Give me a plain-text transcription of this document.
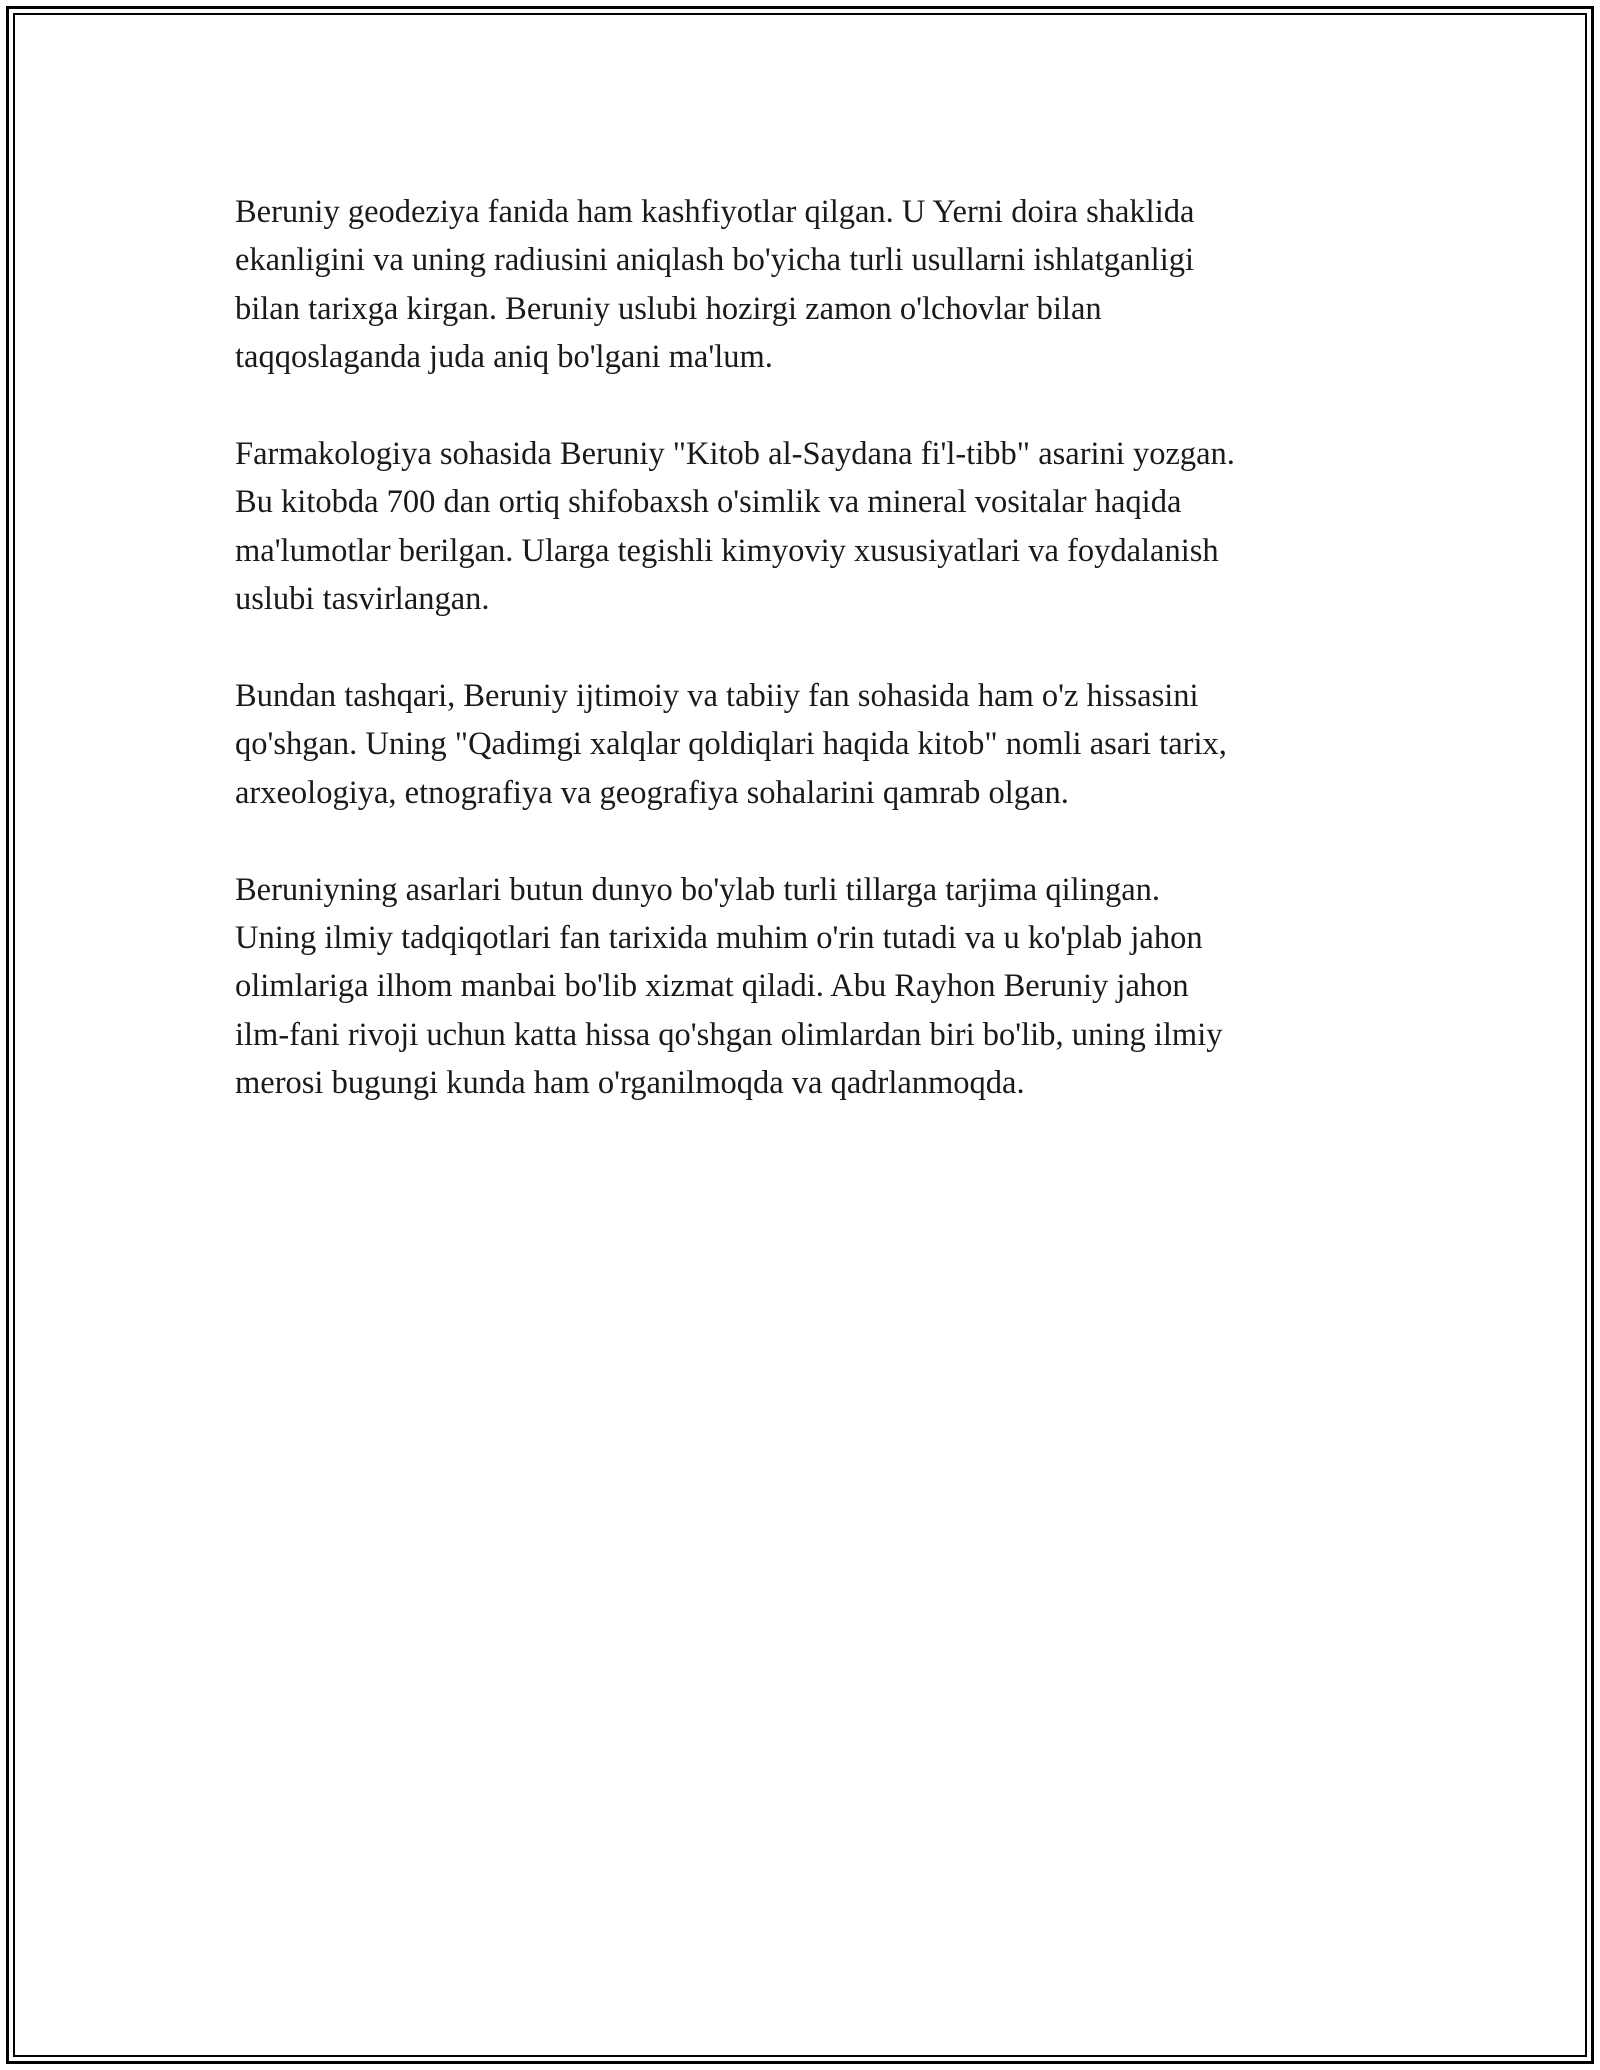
Beruniy geodeziya fanida ham kashfiyotlar qilgan. U Yerni doira shaklida
ekanligini va uning radiusini aniqlash bo'yicha turli usullarni ishlatganligi
bilan tarixga kirgan. Beruniy uslubi hozirgi zamon o'lchovlar bilan
taqqoslaganda juda aniq bo'lgani ma'lum.

Farmakologiya sohasida Beruniy "Kitob al-Saydana fi'l-tibb" asarini yozgan.
Bu kitobda 700 dan ortiq shifobaxsh o'simlik va mineral vositalar haqida
ma'lumotlar berilgan. Ularga tegishli kimyoviy xususiyatlari va foydalanish
uslubi tasvirlangan.

Bundan tashqari, Beruniy ijtimoiy va tabiiy fan sohasida ham o'z hissasini
qo'shgan. Uning "Qadimgi xalqlar qoldiqlari haqida kitob" nomli asari tarix,
arxeologiya, etnografiya va geografiya sohalarini qamrab olgan.

Beruniyning asarlari butun dunyo bo'ylab turli tillarga tarjima qilingan.
Uning ilmiy tadqiqotlari fan tarixida muhim o'rin tutadi va u ko'plab jahon
olimlariga ilhom manbai bo'lib xizmat qiladi. Abu Rayhon Beruniy jahon
ilm-fani rivoji uchun katta hissa qo'shgan olimlardan biri bo'lib, uning ilmiy
merosi bugungi kunda ham o'rganilmoqda va qadrlanmoqda.
